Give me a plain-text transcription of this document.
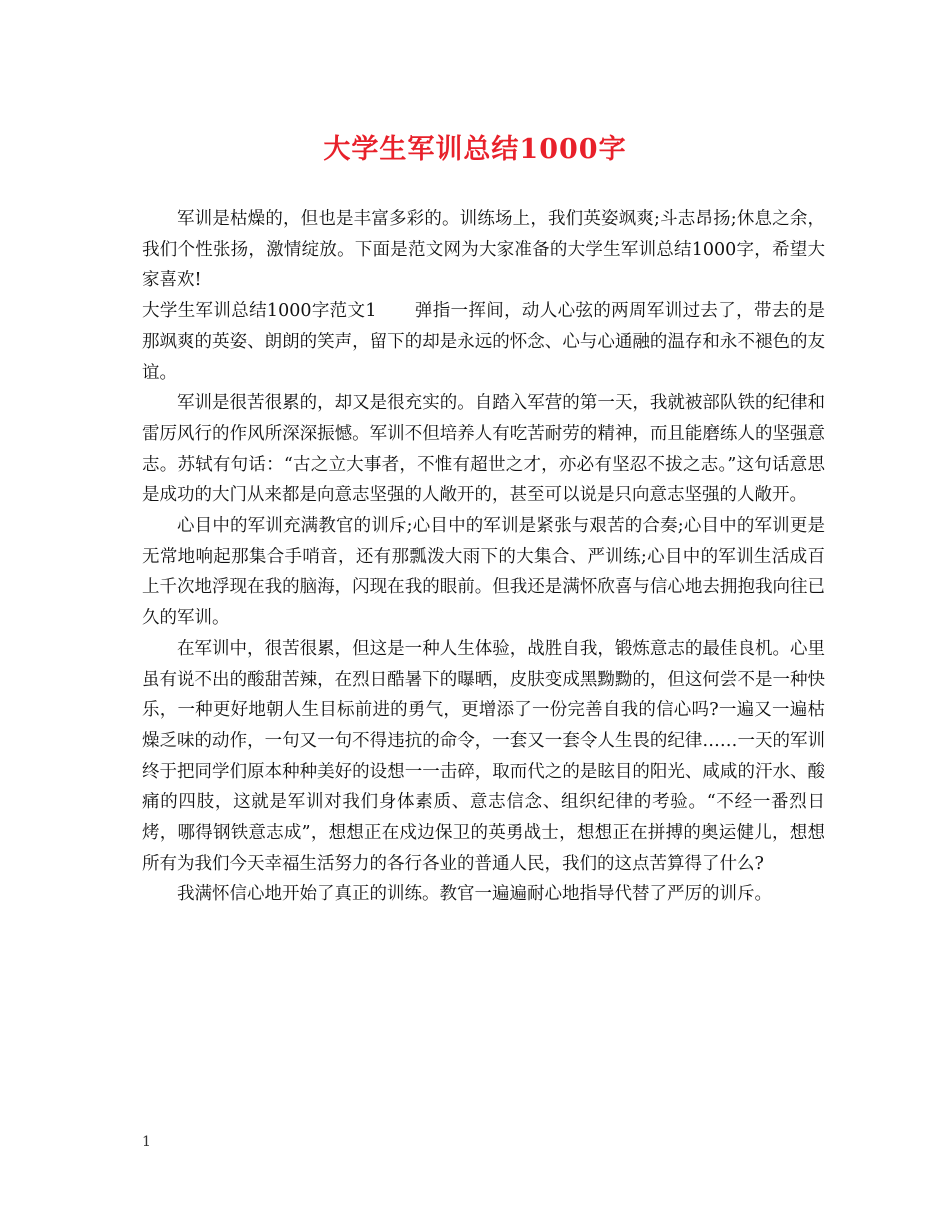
大学生军训总结1000字

军训是枯燥的，但也是丰富多彩的。训练场上，我们英姿飒爽;斗志昂扬;休息之余，我们个性张扬，激情绽放。下面是范文网为大家准备的大学生军训总结1000字，希望大家喜欢!

大学生军训总结1000字范文1 弹指一挥间，动人心弦的两周军训过去了，带去的是那飒爽的英姿、朗朗的笑声，留下的却是永远的怀念、心与心通融的温存和永不褪色的友谊。

军训是很苦很累的，却又是很充实的。自踏入军营的第一天，我就被部队铁的纪律和雷厉风行的作风所深深振憾。军训不但培养人有吃苦耐劳的精神，而且能磨练人的坚强意志。苏轼有句话：“古之立大事者，不惟有超世之才，亦必有坚忍不拔之志。”这句话意思是成功的大门从来都是向意志坚强的人敞开的，甚至可以说是只向意志坚强的人敞开。

心目中的军训充满教官的训斥;心目中的军训是紧张与艰苦的合奏;心目中的军训更是无常地响起那集合手哨音，还有那瓢泼大雨下的大集合、严训练;心目中的军训生活成百上千次地浮现在我的脑海，闪现在我的眼前。但我还是满怀欣喜与信心地去拥抱我向往已久的军训。

在军训中，很苦很累，但这是一种人生体验，战胜自我，锻炼意志的最佳良机。心里虽有说不出的酸甜苦辣，在烈日酷暑下的曝晒，皮肤变成黑黝黝的，但这何尝不是一种快乐，一种更好地朝人生目标前进的勇气，更增添了一份完善自我的信心吗?一遍又一遍枯燥乏味的动作，一句又一句不得违抗的命令，一套又一套令人生畏的纪律……一天的军训终于把同学们原本种种美好的设想一一击碎，取而代之的是眩目的阳光、咸咸的汗水、酸痛的四肢，这就是军训对我们身体素质、意志信念、组织纪律的考验。“不经一番烈日烤，哪得钢铁意志成”，想想正在戍边保卫的英勇战士，想想正在拼搏的奥运健儿，想想所有为我们今天幸福生活努力的各行各业的普通人民，我们的这点苦算得了什么?

我满怀信心地开始了真正的训练。教官一遍遍耐心地指导代替了严厉的训斥。

1
